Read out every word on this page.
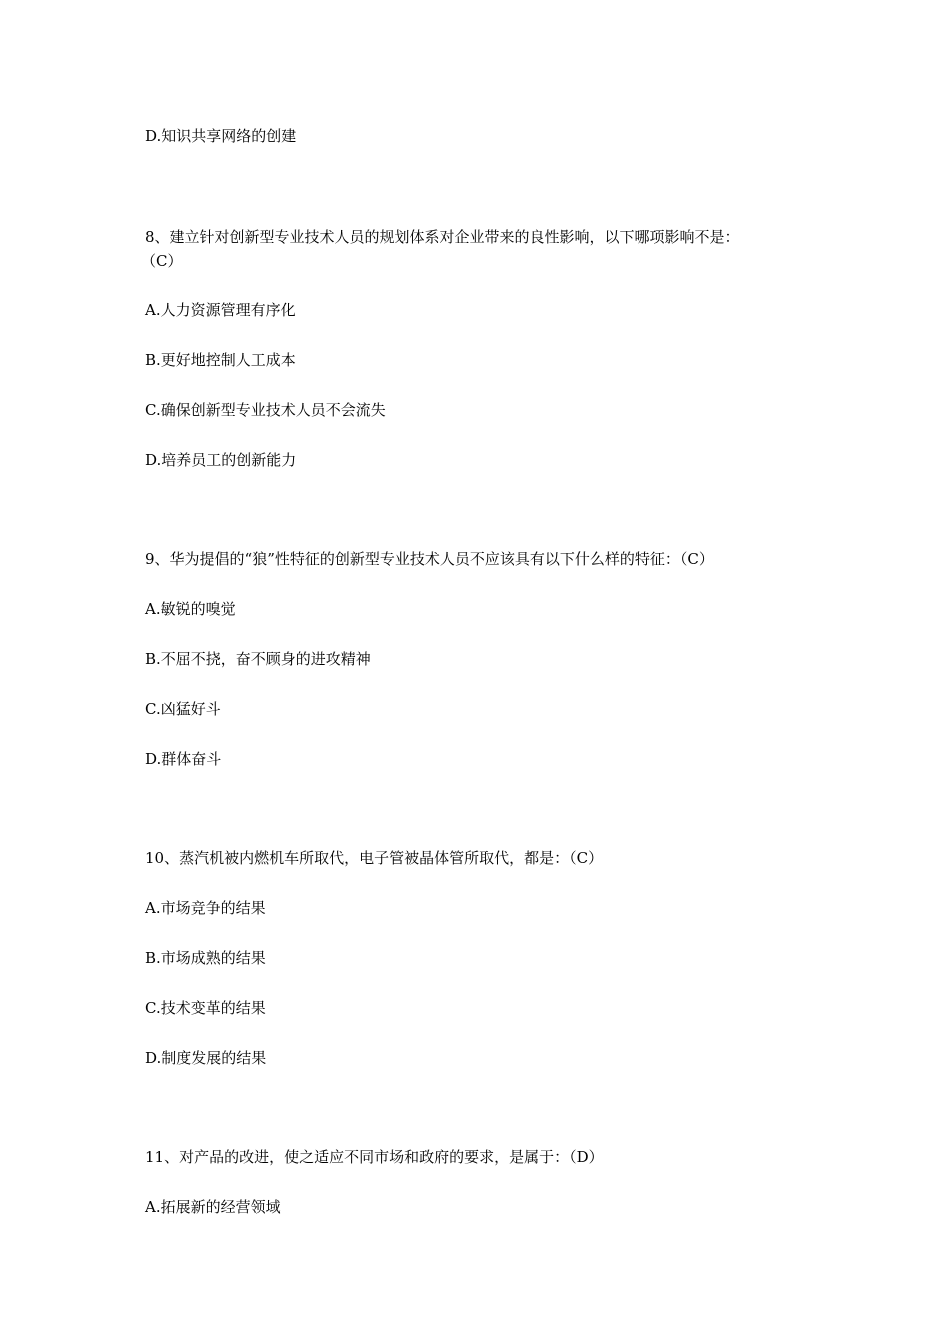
D.知识共享网络的创建
8、建立针对创新型专业技术人员的规划体系对企业带来的良性影响，以下哪项影响不是：
（C）
A.人力资源管理有序化
B.更好地控制人工成本
C.确保创新型专业技术人员不会流失
D.培养员工的创新能力
9、华为提倡的“狼”性特征的创新型专业技术人员不应该具有以下什么样的特征：（C）
A.敏锐的嗅觉
B.不屈不挠，奋不顾身的进攻精神
C.凶猛好斗
D.群体奋斗
10、蒸汽机被内燃机车所取代，电子管被晶体管所取代，都是：（C）
A.市场竞争的结果
B.市场成熟的结果
C.技术变革的结果
D.制度发展的结果
11、对产品的改进，使之适应不同市场和政府的要求，是属于：（D）
A.拓展新的经营领域
